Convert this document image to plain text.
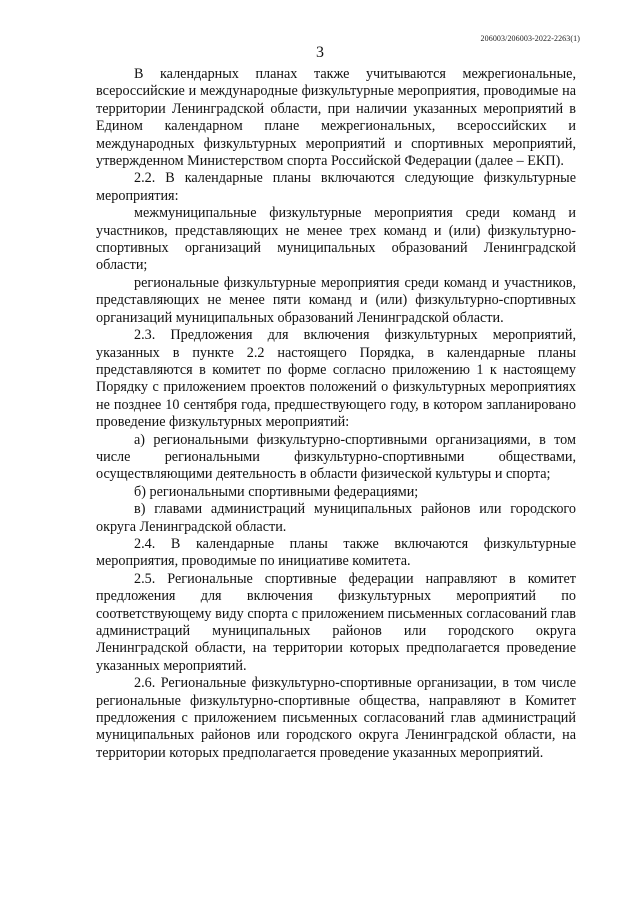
206003/206003-2022-2263(1)
3

В календарных планах также учитываются межрегиональные, всероссийские и международные физкультурные мероприятия, проводимые на территории Ленинградской области, при наличии указанных мероприятий в Едином календарном плане межрегиональных, всероссийских и международных физкультурных мероприятий и спортивных мероприятий, утвержденном Министерством спорта Российской Федерации (далее – ЕКП).

2.2. В календарные планы включаются следующие физкультурные мероприятия:

межмуниципальные физкультурные мероприятия среди команд и участников, представляющих не менее трех команд и (или) физкультурно-спортивных организаций муниципальных образований Ленинградской области;

региональные физкультурные мероприятия среди команд и участников, представляющих не менее пяти команд и (или) физкультурно-спортивных организаций муниципальных образований Ленинградской области.

2.3. Предложения для включения физкультурных мероприятий, указанных в пункте 2.2 настоящего Порядка, в календарные планы представляются в комитет по форме согласно приложению 1 к настоящему Порядку с приложением проектов положений о физкультурных мероприятиях не позднее 10 сентября года, предшествующего году, в котором запланировано проведение физкультурных мероприятий:

а) региональными физкультурно-спортивными организациями, в том числе региональными физкультурно-спортивными обществами, осуществляющими деятельность в области физической культуры и спорта;

б) региональными спортивными федерациями;

в) главами администраций муниципальных районов или городского округа Ленинградской области.

2.4. В календарные планы также включаются физкультурные мероприятия, проводимые по инициативе комитета.

2.5. Региональные спортивные федерации направляют в комитет предложения для включения физкультурных мероприятий по соответствующему виду спорта с приложением письменных согласований глав администраций муниципальных районов или городского округа Ленинградской области, на территории которых предполагается проведение указанных мероприятий.

2.6. Региональные физкультурно-спортивные организации, в том числе региональные физкультурно-спортивные общества, направляют в Комитет предложения с приложением письменных согласований глав администраций муниципальных районов или городского округа Ленинградской области, на территории которых предполагается проведение указанных мероприятий.
